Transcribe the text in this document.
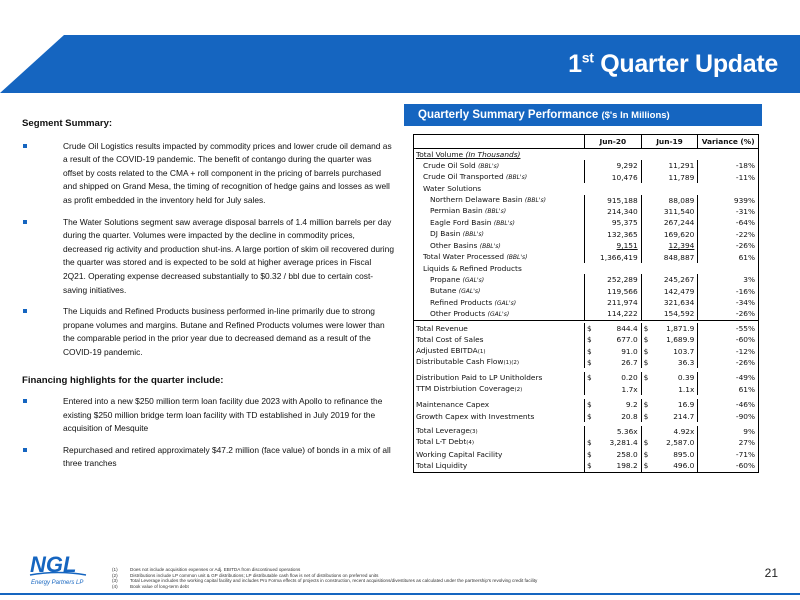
1st Quarter Update
Segment Summary:
Crude Oil Logistics results impacted by commodity prices and lower crude oil demand as a result of the COVID-19 pandemic. The benefit of contango during the quarter was offset by costs related to the CMA + roll component in the pricing of barrels purchased and shipped on Grand Mesa, the timing of recognition of hedge gains and losses as well as profit embedded in the inventory held for July sales.
The Water Solutions segment saw average disposal barrels of 1.4 million barrels per day during the quarter. Volumes were impacted by the decline in commodity prices, decreased rig activity and production shut-ins. A large portion of skim oil recovered during the quarter was stored and is expected to be sold at higher average prices in Fiscal 2Q21. Operating expense decreased substantially to $0.32 / bbl due to certain cost-saving initiatives.
The Liquids and Refined Products business performed in-line primarily due to strong propane volumes and margins. Butane and Refined Products volumes were lower than the comparable period in the prior year due to decreased demand as a result of the COVID-19 pandemic.
Financing highlights for the quarter include:
Entered into a new $250 million term loan facility due 2023 with Apollo to refinance the existing $250 million bridge term loan facility with TD established in July 2019 for the acquisition of Mesquite
Repurchased and retired approximately $47.2 million (face value) of bonds in a mix of all three tranches
Quarterly Summary Performance ($'s In Millions)
Jun-20	Jun-19	Variance (%)
Total Volume (In Thousands)
Crude Oil Sold (BBL's)	9,292	11,291	-18%
Crude Oil Transported (BBL's)	10,476	11,789	-11%
Water Solutions
Northern Delaware Basin (BBL's)	915,188	88,089	939%
Permian Basin (BBL's)	214,340	311,540	-31%
Eagle Ford Basin (BBL's)	95,375	267,244	-64%
DJ Basin (BBL's)	132,365	169,620	-22%
Other Basins (BBL's)	9,151	12,394	-26%
Total Water Processed (BBL's)	1,366,419	848,887	61%
Liquids & Refined Products
Propane (GAL's)	252,289	245,267	3%
Butane (GAL's)	119,566	142,479	-16%
Refined Products (GAL's)	211,974	321,634	-34%
Other Products (GAL's)	114,222	154,592	-26%
Total Revenue	$	844.4 $ 1,871.9	-55%
Total Cost of Sales	$	677.0 $ 1,689.9	-60%
Adjusted EBITDA(1)	$	91.0 $	103.7	-12%
Distributable Cash Flow(1)(2)	$	26.7 $	36.3	-26%
Distribution Paid to LP Unitholders	$	0.20 $	0.39	-49%
TTM Distrbiution Coverage(2)	1.7x	1.1x	61%
Maintenance Capex	$	9.2 $	16.9	-46%
Growth Capex with Investments	$	20.8 $	214.7	-90%
Total Leverage(3)	5.36x	4.92x	9%
Total L-T Debt(4)	$ 3,281.4 $ 2,587.0	27%
Working Capital Facility	$	258.0 $	895.0	-71%
Total Liquidity	$	198.2 $	496.0	-60%
NGL
Energy Partners LP
(1)	Does not include acquisition expenses or Adj. EBITDA from discontinued operations
(2)	Distributions include LP common unit & GP distributions; LP distributable cash flow is net of distributions on preferred units
(3)	Total Leverage includes the working capital facility and includes Pro Forma effects of projects in construction, recent acquisitions/divestitures as calculated under the partnership's revolving credit facility
(4)	Book value of long-term debt
21
